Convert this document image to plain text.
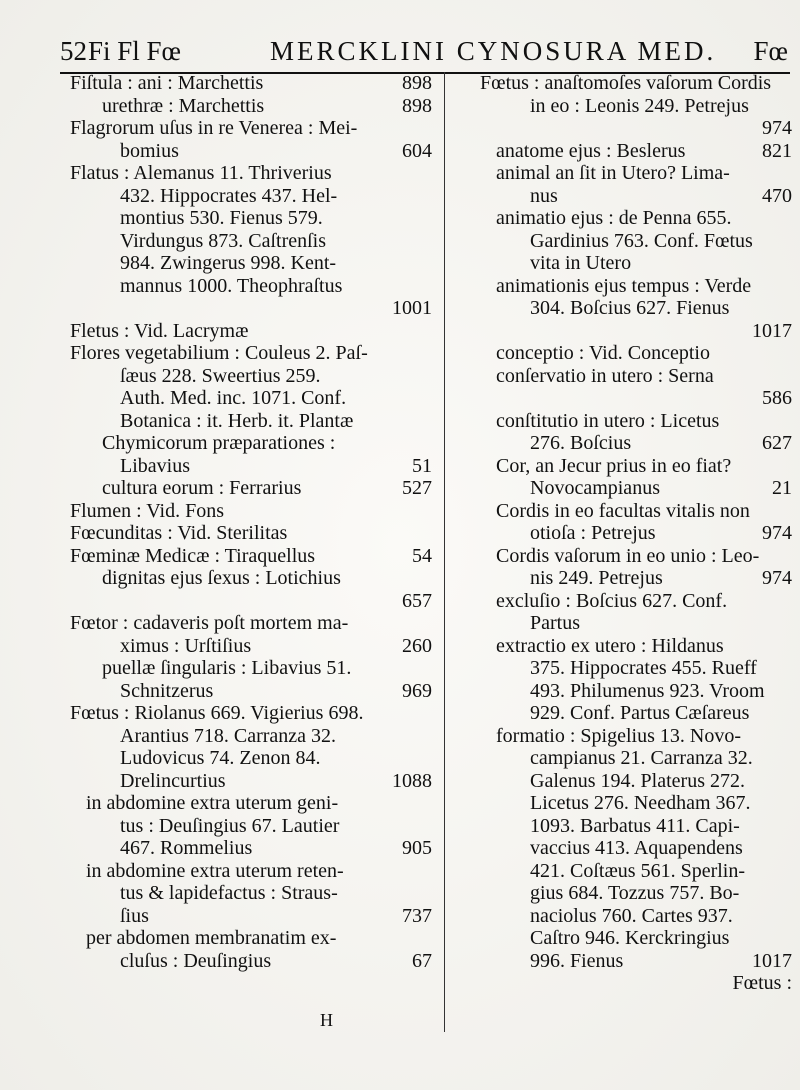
52 Fi Fl Fœ	MERCKLINI CYNOSURA MED. Fœ
Fiſtula : ani : Marchettis	898
urethræ : Marchettis	898
Flagrorum uſus in re Venerea : Mei-
bomius	604
Flatus : Alemanus 11. Thriverius
432. Hippocrates 437. Hel-
montius 530. Fienus 579.
Virdungus 873. Caſtrenſis
984. Zwingerus 998. Kent-
mannus 1000. Theophraſtus
1001
Fletus : Vid. Lacrymæ
Flores vegetabilium : Couleus 2. Paſ-
ſæus 228. Sweertius 259.
Auth. Med. inc. 1071. Conf.
Botanica : it. Herb. it. Plantæ
Chymicorum præparationes :
Libavius	51
cultura eorum : Ferrarius	527
Flumen : Vid. Fons
Fœcunditas : Vid. Sterilitas
Fœminæ Medicæ : Tiraquellus	54
dignitas ejus ſexus : Lotichius
657
Fœtor : cadaveris poſt mortem ma-
ximus : Urſtiſius	260
puellæ ſingularis : Libavius 51.
Schnitzerus	969
Fœtus : Riolanus 669. Vigierius 698.
Arantius 718. Carranza 32.
Ludovicus 74. Zenon 84.
Drelincurtius	1088
in abdomine extra uterum geni-
tus : Deuſingius 67. Lautier
467. Rommelius	905
in abdomine extra uterum reten-
tus & lapidefactus : Straus-
ſius	737
per abdomen membranatim ex-
cluſus : Deuſingius	67
Fœtus : anaſtomoſes vaſorum Cordis
in eo : Leonis 249. Petrejus
974
anatome ejus : Beslerus	821
animal an ſit in Utero? Lima-
nus	470
animatio ejus : de Penna 655.
Gardinius 763. Conf. Fœtus
vita in Utero
animationis ejus tempus : Verde
304. Boſcius 627. Fienus
1017
conceptio : Vid. Conceptio
conſervatio in utero : Serna
586
conſtitutio in utero : Licetus
276. Boſcius	627
Cor, an Jecur prius in eo fiat?
Novocampianus	21
Cordis in eo facultas vitalis non
otioſa : Petrejus	974
Cordis vaſorum in eo unio : Leo-
nis 249. Petrejus	974
excluſio : Boſcius 627. Conf.
Partus
extractio ex utero : Hildanus
375. Hippocrates 455. Rueff
493. Philumenus 923. Vroom
929. Conf. Partus Cæſareus
formatio : Spigelius 13. Novo-
campianus 21. Carranza 32.
Galenus 194. Platerus 272.
Licetus 276. Needham 367.
1093. Barbatus 411. Capi-
vaccius 413. Aquapendens
421. Coſtæus 561. Sperlin-
gius 684. Tozzus 757. Bo-
naciolus 760. Cartes 937.
Caſtro 946. Kerckringius
996. Fienus	1017
Fœtus :
H
